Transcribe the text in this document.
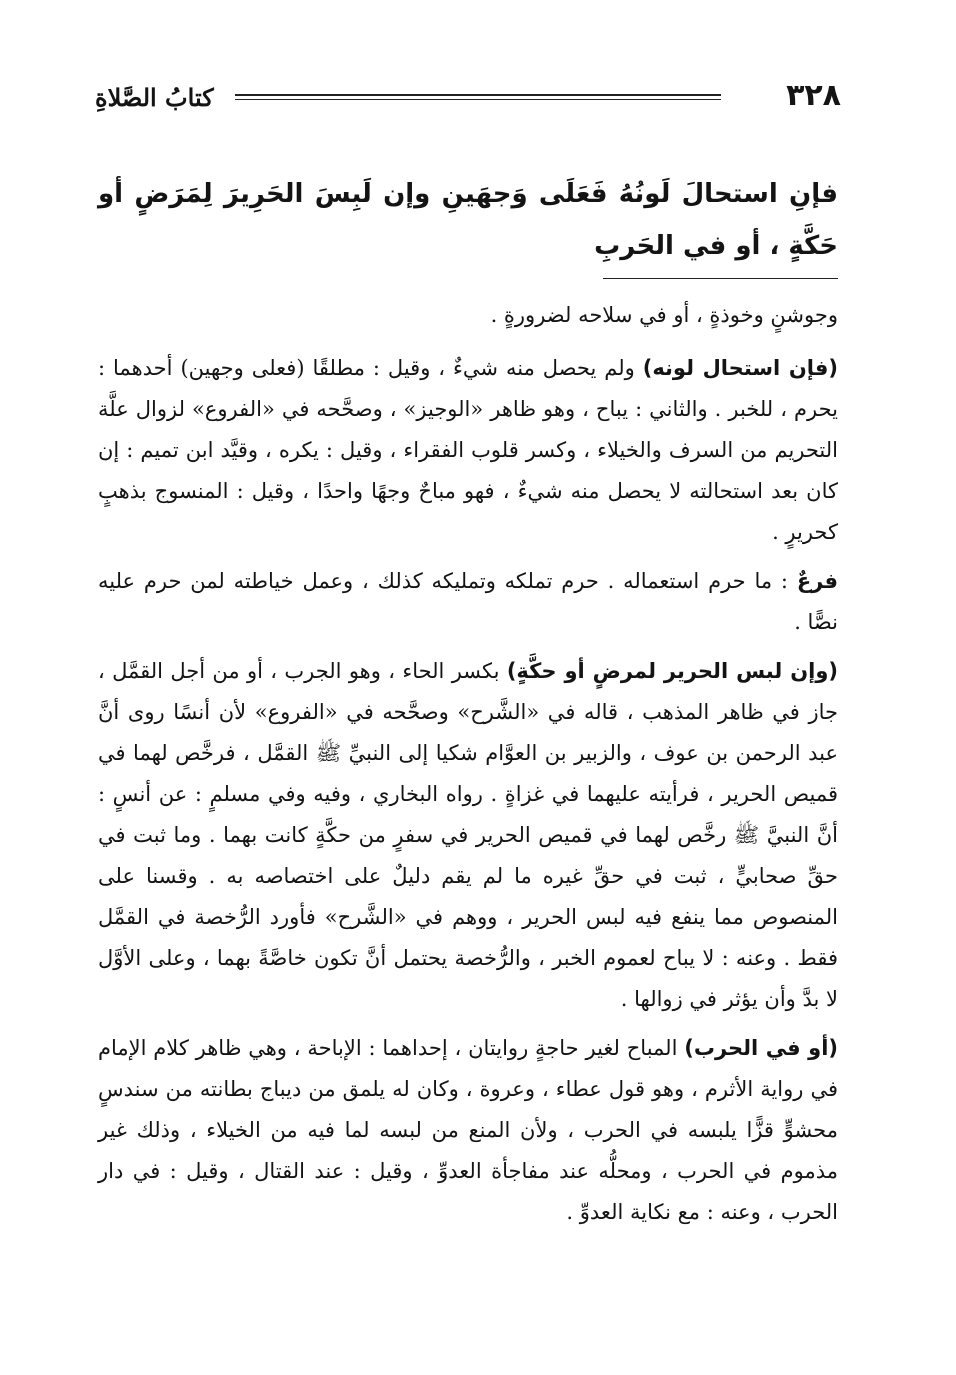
٣٢٨
كتابُ الصَّلاةِ

فإنِ استحالَ لَونُهُ فَعَلَى وَجهَينِ وإن لَبِسَ الحَرِيرَ لِمَرَضٍ أو حَكَّةٍ ، أو في الحَربِ

وجوشنٍ وخوذةٍ ، أو في سلاحه لضرورةٍ .

(فإن استحال لونه) ولم يحصل منه شيءٌ ، وقيل : مطلقًا (فعلى وجهين) أحدهما : يحرم ، للخبر . والثاني : يباح ، وهو ظاهر «الوجيز» ، وصحَّحه في «الفروع» لزوال علَّة التحريم من السرف والخيلاء ، وكسر قلوب الفقراء ، وقيل : يكره ، وقيَّد ابن تميم : إن كان بعد استحالته لا يحصل منه شيءٌ ، فهو مباحٌ وجهًا واحدًا ، وقيل : المنسوج بذهبٍ كحريرٍ .

فرعٌ : ما حرم استعماله . حرم تملكه وتمليكه كذلك ، وعمل خياطته لمن حرم عليه نصًّا .

(وإن لبس الحرير لمرضٍ أو حكَّةٍ) بكسر الحاء ، وهو الجرب ، أو من أجل القمَّل ، جاز في ظاهر المذهب ، قاله في «الشَّرح» وصحَّحه في «الفروع» لأن أنسًا روى أنَّ عبد الرحمن بن عوف ، والزبير بن العوَّام شكيا إلى النبيِّ ﷺ القمَّل ، فرخَّص لهما في قميص الحرير ، فرأيته عليهما في غزاةٍ . رواه البخاري ، وفيه وفي مسلمٍ : عن أنسٍ : أنَّ النبيَّ ﷺ رخَّص لهما في قميص الحرير في سفرٍ من حكَّةٍ كانت بهما . وما ثبت في حقِّ صحابيٍّ ، ثبت في حقِّ غيره ما لم يقم دليلٌ على اختصاصه به . وقسنا على المنصوص مما ينفع فيه لبس الحرير ، ووهم في «الشَّرح» فأورد الرُّخصة في القمَّل فقط . وعنه : لا يباح لعموم الخبر ، والرُّخصة يحتمل أنَّ تكون خاصَّةً بهما ، وعلى الأوَّل لا بدَّ وأن يؤثر في زوالها .

(أو في الحرب) المباح لغير حاجةٍ روايتان ، إحداهما : الإباحة ، وهي ظاهر كلام الإمام في رواية الأثرم ، وهو قول عطاء ، وعروة ، وكان له يلمق من ديباج بطانته من سندسٍ محشوٍّ قزًّا يلبسه في الحرب ، ولأن المنع من لبسه لما فيه من الخيلاء ، وذلك غير مذموم في الحرب ، ومحلُّه عند مفاجأة العدوِّ ، وقيل : عند القتال ، وقيل : في دار الحرب ، وعنه : مع نكاية العدوِّ .
